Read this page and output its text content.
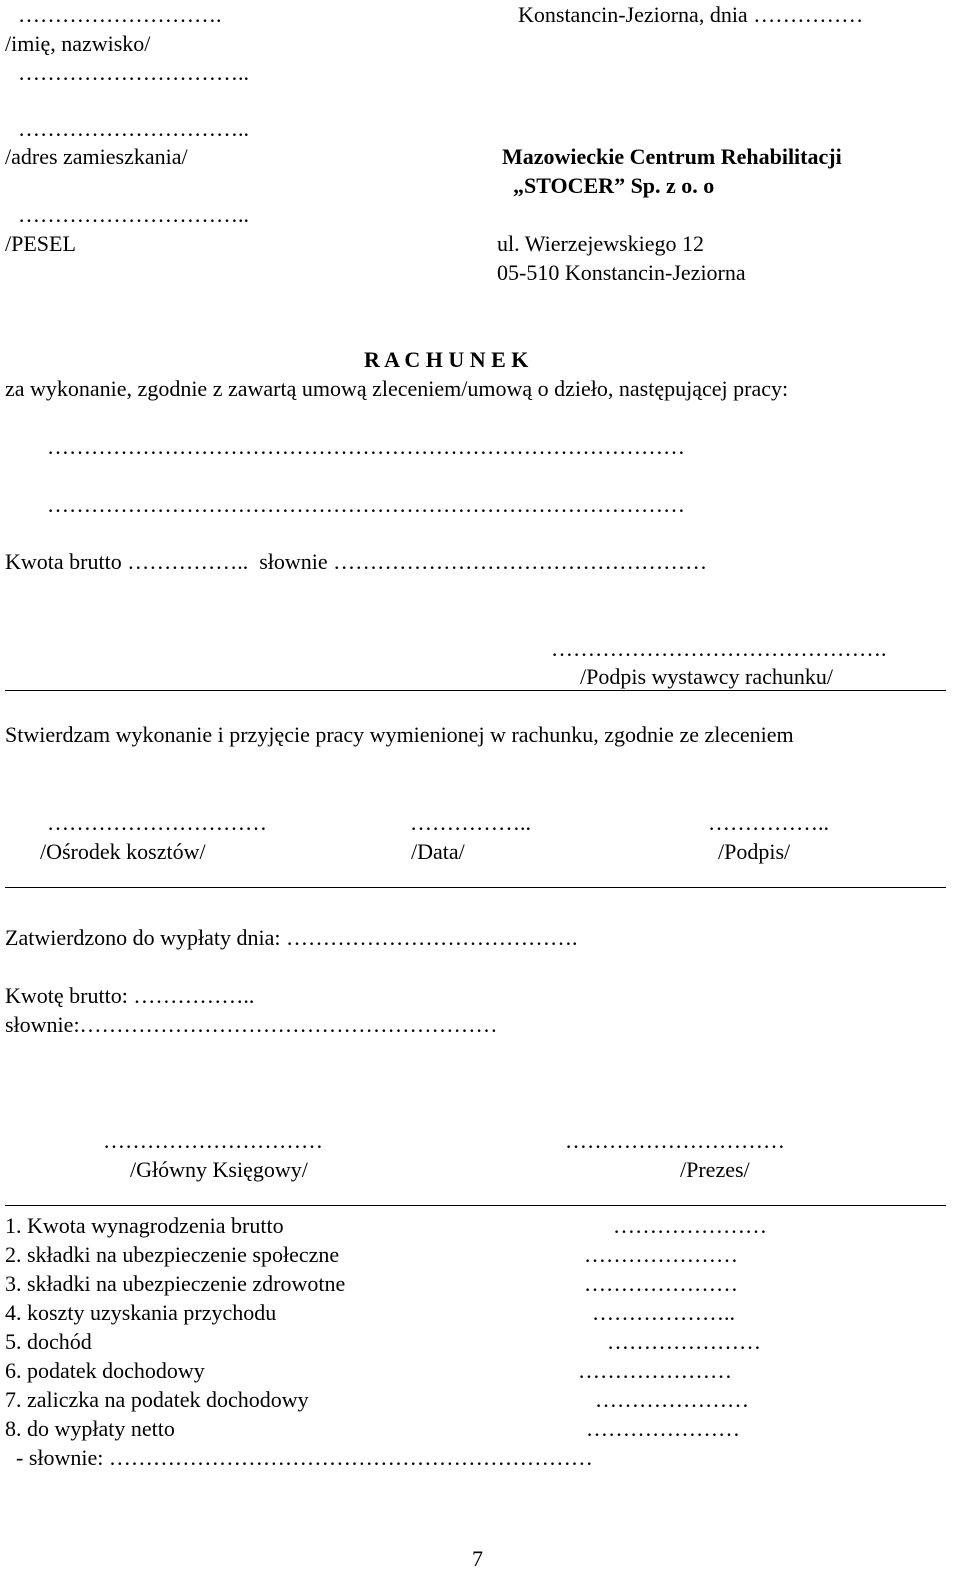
……………………….
/imię, nazwisko/
…………………………..
…………………………..
/adres zamieszkania/
…………………………..
/PESEL
Konstancin-Jeziorna, dnia ……………
Mazowieckie Centrum Rehabilitacji
„STOCER” Sp. z o. o
ul. Wierzejewskiego 12
05-510 Konstancin-Jeziorna
R A C H U N E K
za wykonanie, zgodnie z zawartą umową zleceniem/umową o dzieło, następującej pracy:
……………………………………………………………………………
……………………………………………………………………………
Kwota brutto ……………..  słownie ……………………………………………
……………………………………….
/Podpis wystawcy rachunku/
Stwierdzam wykonanie i przyjęcie pracy wymienionej w rachunku, zgodnie ze zleceniem
…………………………	……………..	……………..
/Ośrodek kosztów/	/Data/	/Podpis/
Zatwierdzono do wypłaty dnia: ………………………………….
Kwotę brutto: ……………..
słownie:…………………………………………………
…………………………	…………………………
/Główny Księgowy/	/Prezes/
1. Kwota wynagrodzenia brutto	…………………
2. składki na ubezpieczenie społeczne	…………………
3. składki na ubezpieczenie zdrowotne	…………………
4. koszty uzyskania przychodu	………………..
5. dochód	…………………
6. podatek dochodowy	…………………
7. zaliczka na podatek dochodowy	…………………
8. do wypłaty netto	…………………
- słownie: …………………………………………………………
7
